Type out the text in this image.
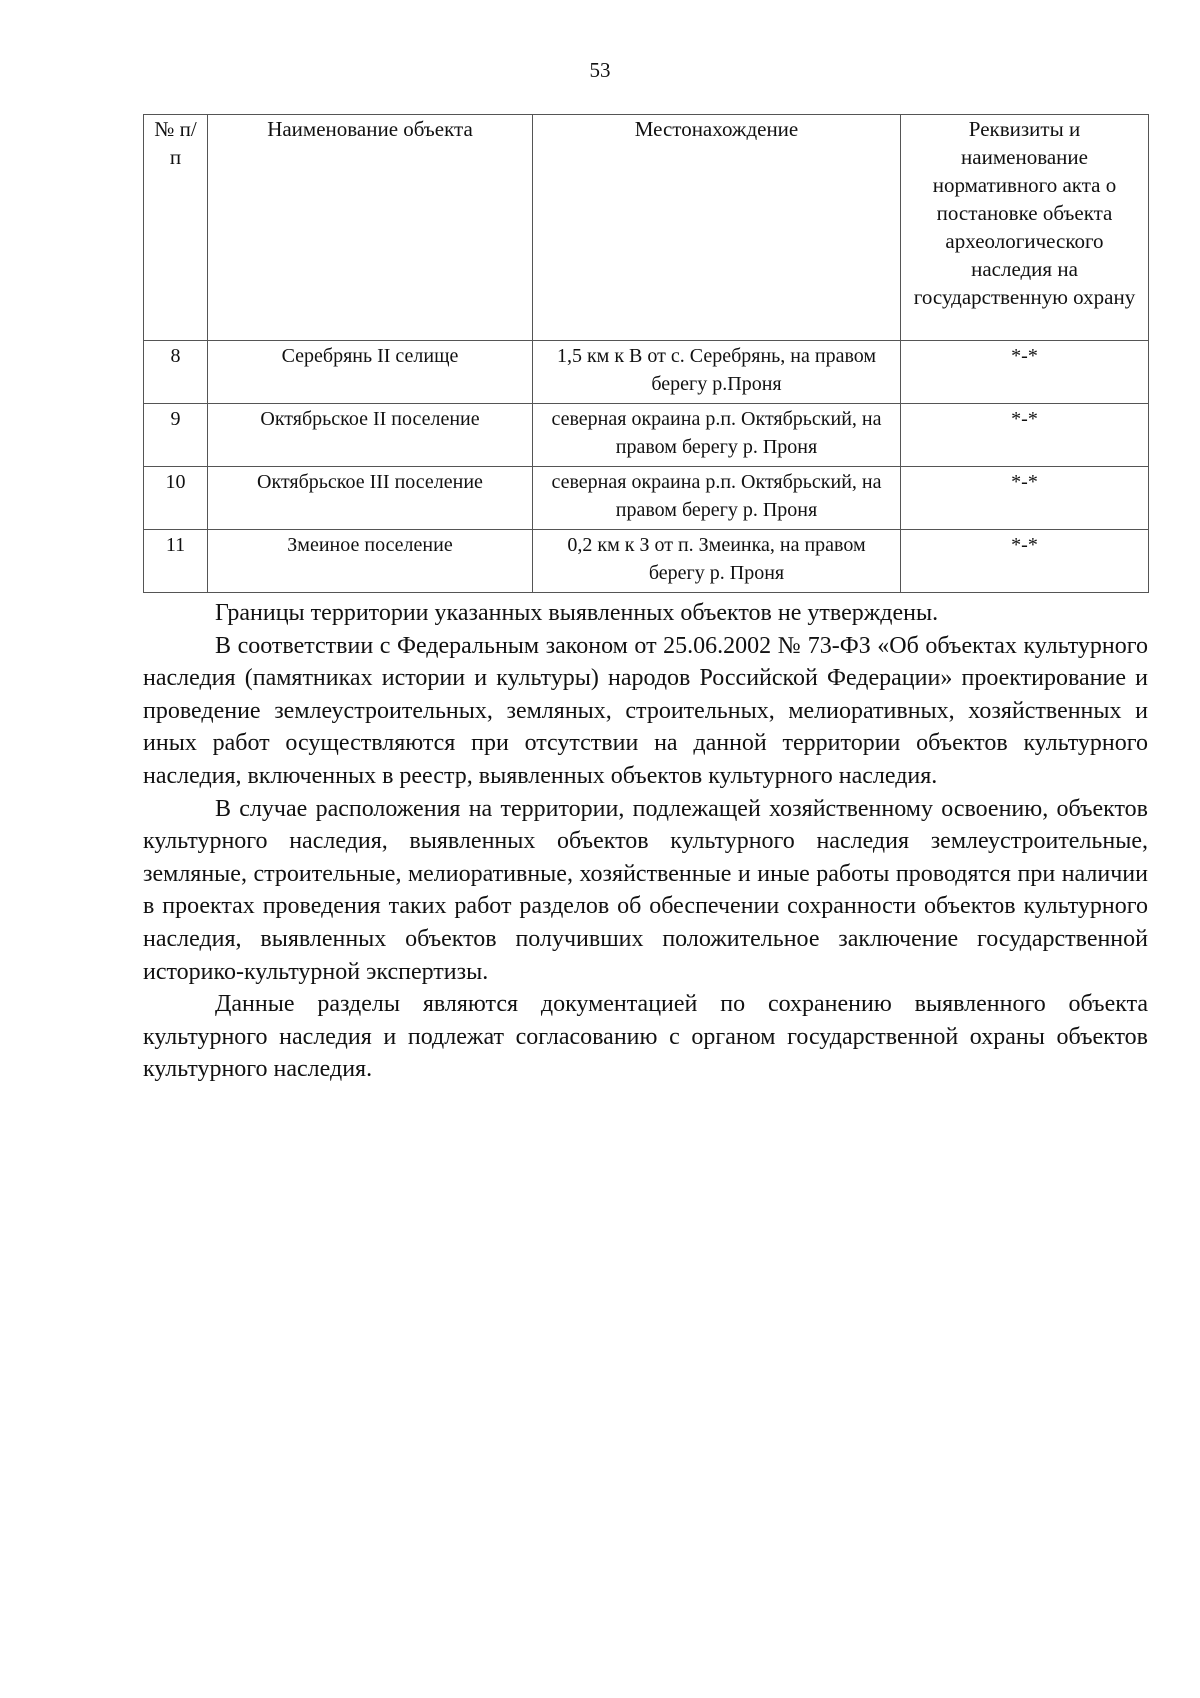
53
№ п/п	Наименование объекта	Местонахождение	Реквизиты и наименование нормативного акта о постановке объекта археологического наследия на государственную охрану
8	Серебрянь II селище	1,5 км к В от с. Серебрянь, на правом берегу р.Проня	*-*
9	Октябрьское II поселение	северная окраина р.п. Октябрьский, на правом берегу р. Проня	*-*
10	Октябрьское III поселение	северная окраина р.п. Октябрьский, на правом берегу р. Проня	*-*
11	Змеиное поселение	0,2 км к З от п. Змеинка, на правом берегу р. Проня	*-*

Границы территории указанных выявленных объектов не утверждены.

В соответствии с Федеральным законом от 25.06.2002 № 73-ФЗ «Об объектах культурного наследия (памятниках истории и культуры) народов Российской Федерации» проектирование и проведение землеустроительных, земляных, строительных, мелиоративных, хозяйственных и иных работ осуществляются при отсутствии на данной территории объектов культурного наследия, включенных в реестр, выявленных объектов культурного наследия.

В случае расположения на территории, подлежащей хозяйственному освоению, объектов культурного наследия, выявленных объектов культурного наследия землеустроительные, земляные, строительные, мелиоративные, хозяйственные и иные работы проводятся при наличии в проектах проведения таких работ разделов об обеспечении сохранности объектов культурного наследия, выявленных объектов получивших положительное заключение государственной историко-культурной экспертизы.

Данные разделы являются документацией по сохранению выявленного объекта культурного наследия и подлежат согласованию с органом государственной охраны объектов культурного наследия.
